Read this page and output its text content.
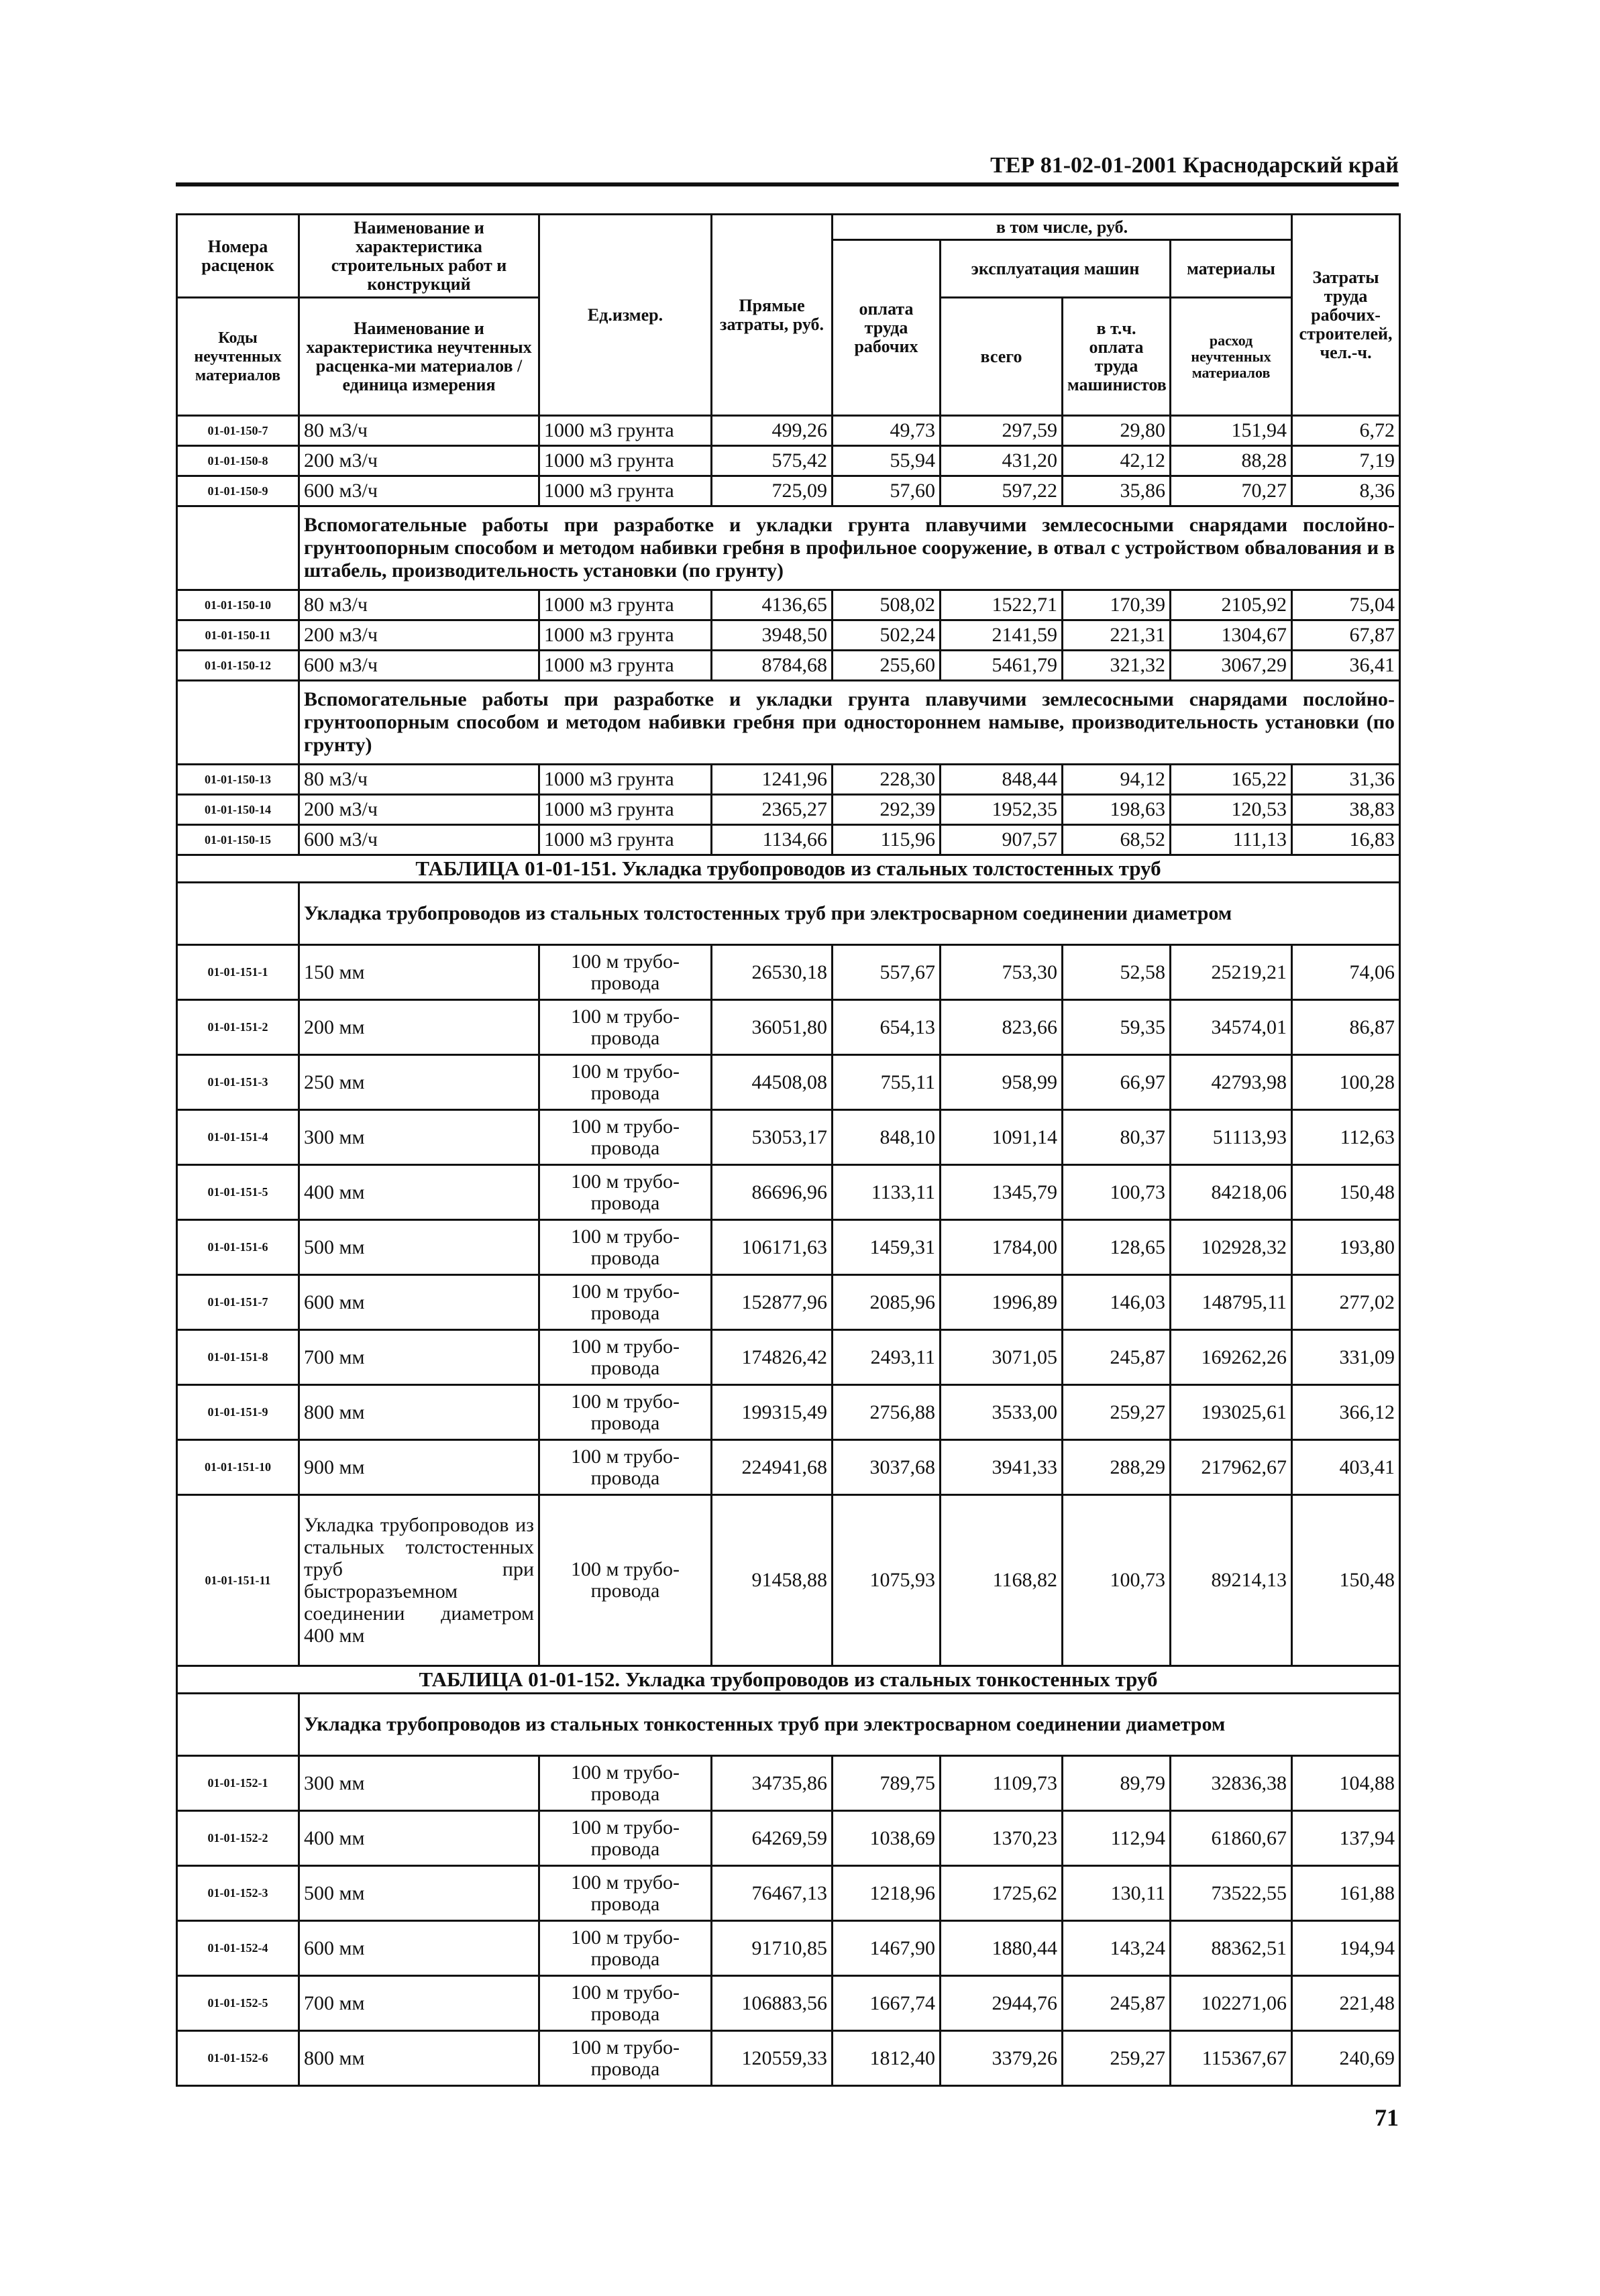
ТЕР 81-02-01-2001 Краснодарский край
Номера расценок	Наименование и характеристика строительных работ и конструкций	Ед.измер.	Прямые затраты, руб.	в том числе, руб.				Затраты труда рабочих-строителей, чел.-ч.
				оплата труда рабочих	эксплуатация машин		материалы	
Коды неучтенных материалов	Наименование и характеристика неучтенных расценка-ми материалов / единица измерения				всего	в т.ч. оплата труда машинистов	расход неучтенных материалов	

01-01-150-7	80 м3/ч	1000 м3 грунта	499,26	49,73	297,59	29,80	151,94	6,72
01-01-150-8	200 м3/ч	1000 м3 грунта	575,42	55,94	431,20	42,12	88,28	7,19
01-01-150-9	600 м3/ч	1000 м3 грунта	725,09	57,60	597,22	35,86	70,27	8,36
	Вспомогательные работы при разработке и укладки грунта плавучими землесосными снарядами послойно-грунтоопорным способом и методом набивки гребня в профильное сооружение, в отвал с устройством обвалования и в штабель, производительность установки (по грунту)							
01-01-150-10	80 м3/ч	1000 м3 грунта	4136,65	508,02	1522,71	170,39	2105,92	75,04
01-01-150-11	200 м3/ч	1000 м3 грунта	3948,50	502,24	2141,59	221,31	1304,67	67,87
01-01-150-12	600 м3/ч	1000 м3 грунта	8784,68	255,60	5461,79	321,32	3067,29	36,41
	Вспомогательные работы при разработке и укладки грунта плавучими землесосными снарядами послойно-грунтоопорным способом и методом набивки гребня при одностороннем намыве, производительность установки (по грунту)							
01-01-150-13	80 м3/ч	1000 м3 грунта	1241,96	228,30	848,44	94,12	165,22	31,36
01-01-150-14	200 м3/ч	1000 м3 грунта	2365,27	292,39	1952,35	198,63	120,53	38,83
01-01-150-15	600 м3/ч	1000 м3 грунта	1134,66	115,96	907,57	68,52	111,13	16,83
ТАБЛИЦА 01-01-151. Укладка трубопроводов из стальных толстостенных труб								
	Укладка трубопроводов из стальных толстостенных труб при электросварном соединении диаметром							
01-01-151-1	150 мм	100 м трубо-провода	26530,18	557,67	753,30	52,58	25219,21	74,06
01-01-151-2	200 мм	100 м трубо-провода	36051,80	654,13	823,66	59,35	34574,01	86,87
01-01-151-3	250 мм	100 м трубо-провода	44508,08	755,11	958,99	66,97	42793,98	100,28
01-01-151-4	300 мм	100 м трубо-провода	53053,17	848,10	1091,14	80,37	51113,93	112,63
01-01-151-5	400 мм	100 м трубо-провода	86696,96	1133,11	1345,79	100,73	84218,06	150,48
01-01-151-6	500 мм	100 м трубо-провода	106171,63	1459,31	1784,00	128,65	102928,32	193,80
01-01-151-7	600 мм	100 м трубо-провода	152877,96	2085,96	1996,89	146,03	148795,11	277,02
01-01-151-8	700 мм	100 м трубо-провода	174826,42	2493,11	3071,05	245,87	169262,26	331,09
01-01-151-9	800 мм	100 м трубо-провода	199315,49	2756,88	3533,00	259,27	193025,61	366,12
01-01-151-10	900 мм	100 м трубо-провода	224941,68	3037,68	3941,33	288,29	217962,67	403,41
01-01-151-11	Укладка трубопроводов из стальных толстостенных труб при быстроразъемном соединении диаметром 400 мм	100 м трубо-провода	91458,88	1075,93	1168,82	100,73	89214,13	150,48
ТАБЛИЦА 01-01-152. Укладка трубопроводов из стальных тонкостенных труб								
	Укладка трубопроводов из стальных тонкостенных труб при электросварном соединении диаметром							
01-01-152-1	300 мм	100 м трубо-провода	34735,86	789,75	1109,73	89,79	32836,38	104,88
01-01-152-2	400 мм	100 м трубо-провода	64269,59	1038,69	1370,23	112,94	61860,67	137,94
01-01-152-3	500 мм	100 м трубо-провода	76467,13	1218,96	1725,62	130,11	73522,55	161,88
01-01-152-4	600 мм	100 м трубо-провода	91710,85	1467,90	1880,44	143,24	88362,51	194,94
01-01-152-5	700 мм	100 м трубо-провода	106883,56	1667,74	2944,76	245,87	102271,06	221,48
01-01-152-6	800 мм	100 м трубо-провода	120559,33	1812,40	3379,26	259,27	115367,67	240,69
71
